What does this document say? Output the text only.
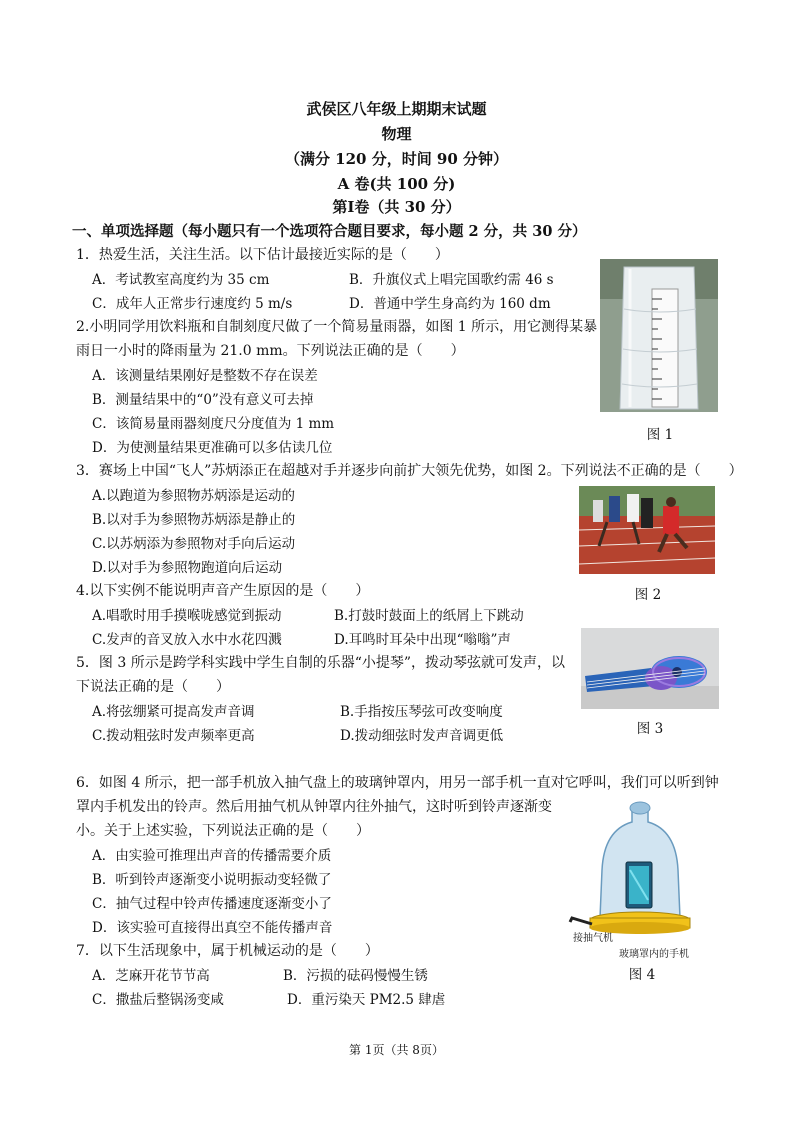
武侯区八年级上期期末试题
物理
（满分 120 分，时间 90 分钟）
A 卷(共 100 分)
第Ⅰ卷（共 30 分）
一、单项选择题（每小题只有一个选项符合题目要求，每小题 2 分，共 30 分）
1．热爱生活，关注生活。以下估计最接近实际的是（　　）
A．考试教室高度约为 35 cm	B．升旗仪式上唱完国歌约需 46 s
C．成年人正常步行速度约 5 m/s	D．普通中学生身高约为 160 dm
图 1
2.小明同学用饮料瓶和自制刻度尺做了一个简易量雨器，如图 1 所示，用它测得某暴
雨日一小时的降雨量为 21.0 mm。下列说法正确的是（　　）
A．该测量结果刚好是整数不存在误差
B．测量结果中的“0”没有意义可去掉
C．该简易量雨器刻度尺分度值为 1 mm
D．为使测量结果更准确可以多估读几位
3．赛场上中国“飞人”苏炳添正在超越对手并逐步向前扩大领先优势，如图 2。下列说法不正确的是（　　）
A.以跑道为参照物苏炳添是运动的
B.以对手为参照物苏炳添是静止的
C.以苏炳添为参照物对手向后运动
D.以对手为参照物跑道向后运动
图 2
4.以下实例不能说明声音产生原因的是（　　）
A.唱歌时用手摸喉咙感觉到振动	B.打鼓时鼓面上的纸屑上下跳动
C.发声的音叉放入水中水花四溅	D.耳鸣时耳朵中出现“嗡嗡”声
图 3
5．图 3 所示是跨学科实践中学生自制的乐器“小提琴”，拨动琴弦就可发声，以
下说法正确的是（　　）
A.将弦绷紧可提高发声音调	B.手指按压琴弦可改变响度
C.拨动粗弦时发声频率更高	D.拨动细弦时发声音调更低
6．如图 4 所示，把一部手机放入抽气盘上的玻璃钟罩内，用另一部手机一直对它呼叫，我们可以听到钟
罩内手机发出的铃声。然后用抽气机从钟罩内往外抽气，这时听到铃声逐渐变
小。关于上述实验，下列说法正确的是（　　）
A．由实验可推理出声音的传播需要介质
B．听到铃声逐渐变小说明振动变轻微了
C．抽气过程中铃声传播速度逐渐变小了
D．该实验可直接得出真空不能传播声音
接抽气机
玻璃罩内的手机
图 4
7．以下生活现象中，属于机械运动的是（　　）
A．芝麻开花节节高	B．污损的砝码慢慢生锈
C．撒盐后整锅汤变咸	D．重污染天 PM2.5 肆虐
第 1页（共 8页）
